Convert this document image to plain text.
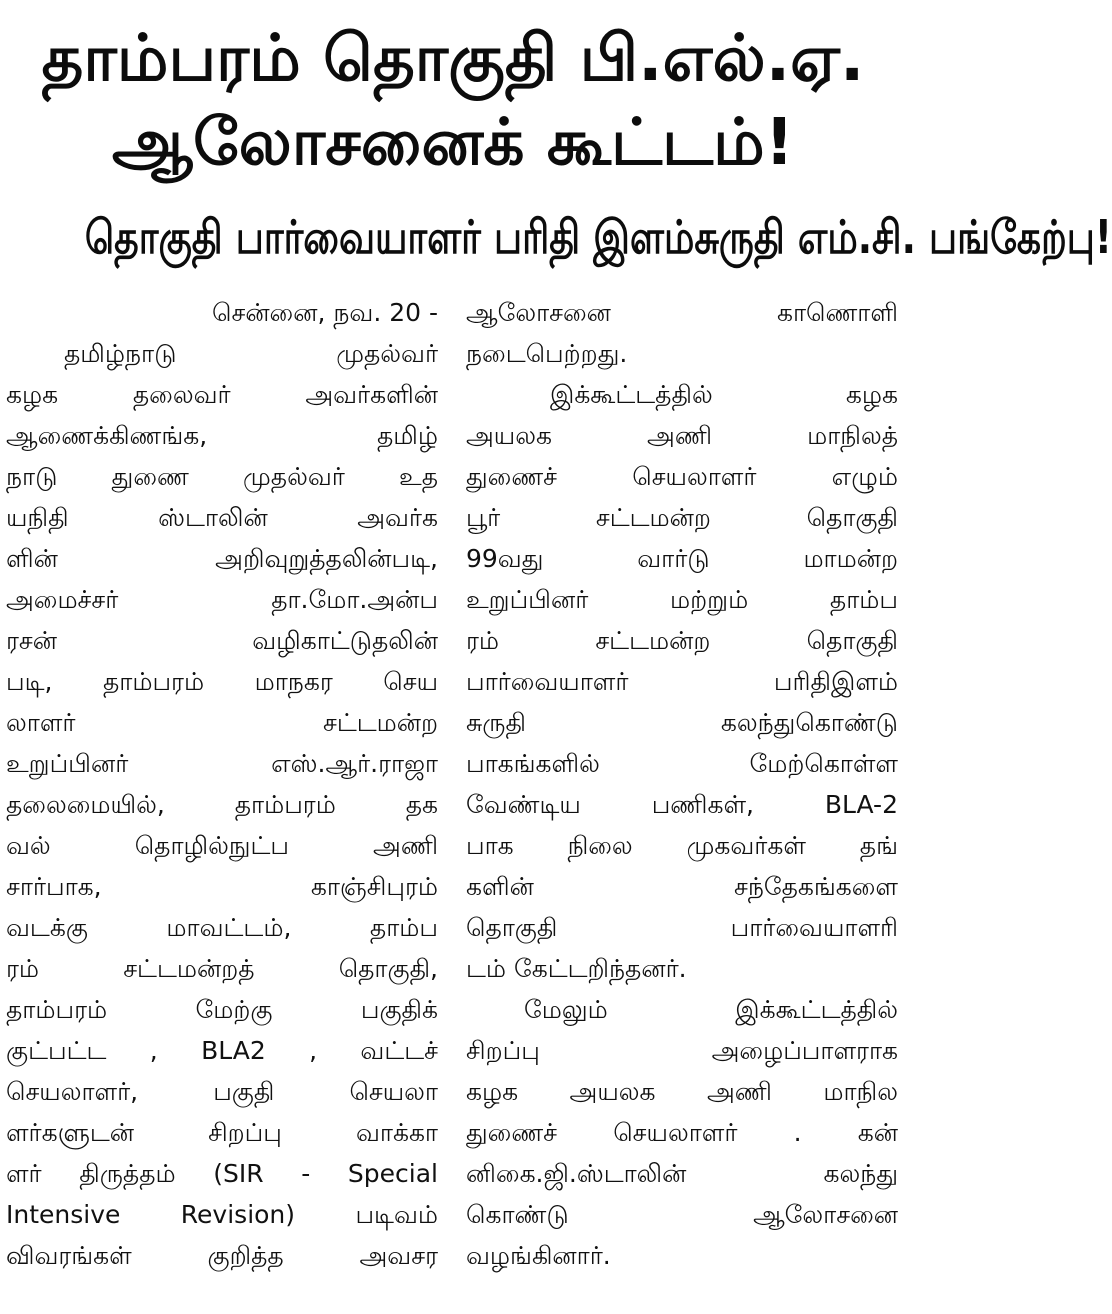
தாம்பரம் தொகுதி பி.எல்.ஏ.
ஆலோசனைக் கூட்டம்!
தொகுதி பார்வையாளர் பரிதி இளம்சுருதி எம்.சி. பங்கேற்பு!

சென்னை, நவ. 20 -

தமிழ்நாடு முதல்வர்

கழக தலைவர் அவர்களின்

ஆணைக்கிணங்க, தமிழ்

நாடு துணை முதல்வர் உத

யநிதி ஸ்டாலின் அவர்க

ளின் அறிவுறுத்தலின்படி,

அமைச்சர் தா.மோ.அன்ப

ரசன் வழிகாட்டுதலின்

படி, தாம்பரம் மாநகர செய

லாளர் சட்டமன்ற

உறுப்பினர் எஸ்.ஆர்.ராஜா

தலைமையில், தாம்பரம் தக

வல் தொழில்நுட்ப அணி

சார்பாக, காஞ்சிபுரம்

வடக்கு மாவட்டம், தாம்ப

ரம் சட்டமன்றத் தொகுதி,

தாம்பரம் மேற்கு பகுதிக்

குட்பட்ட , BLA2 , வட்டச்

செயலாளர், பகுதி செயலா

ளர்களுடன் சிறப்பு வாக்கா

ளர் திருத்தம் (SIR - Special

Intensive Revision) படிவம்

விவரங்கள் குறித்த அவசர

ஆலோசனை காணொளி

நடைபெற்றது.

இக்கூட்டத்தில் கழக

அயலக அணி மாநிலத்

துணைச் செயலாளர் எழும்

பூர் சட்டமன்ற தொகுதி

99வது வார்டு மாமன்ற

உறுப்பினர் மற்றும் தாம்ப

ரம் சட்டமன்ற தொகுதி

பார்வையாளர் பரிதிஇளம்

சுருதி கலந்துகொண்டு

பாகங்களில் மேற்கொள்ள

வேண்டிய பணிகள், BLA-2

பாக நிலை முகவர்கள் தங்

களின் சந்தேகங்களை

தொகுதி பார்வையாளரி

டம் கேட்டறிந்தனர்.

மேலும் இக்கூட்டத்தில்

சிறப்பு அழைப்பாளராக

கழக அயலக அணி மாநில

துணைச் செயலாளர் . கன்

னிகை.ஜி.ஸ்டாலின் கலந்து

கொண்டு ஆலோசனை

வழங்கினார்.
